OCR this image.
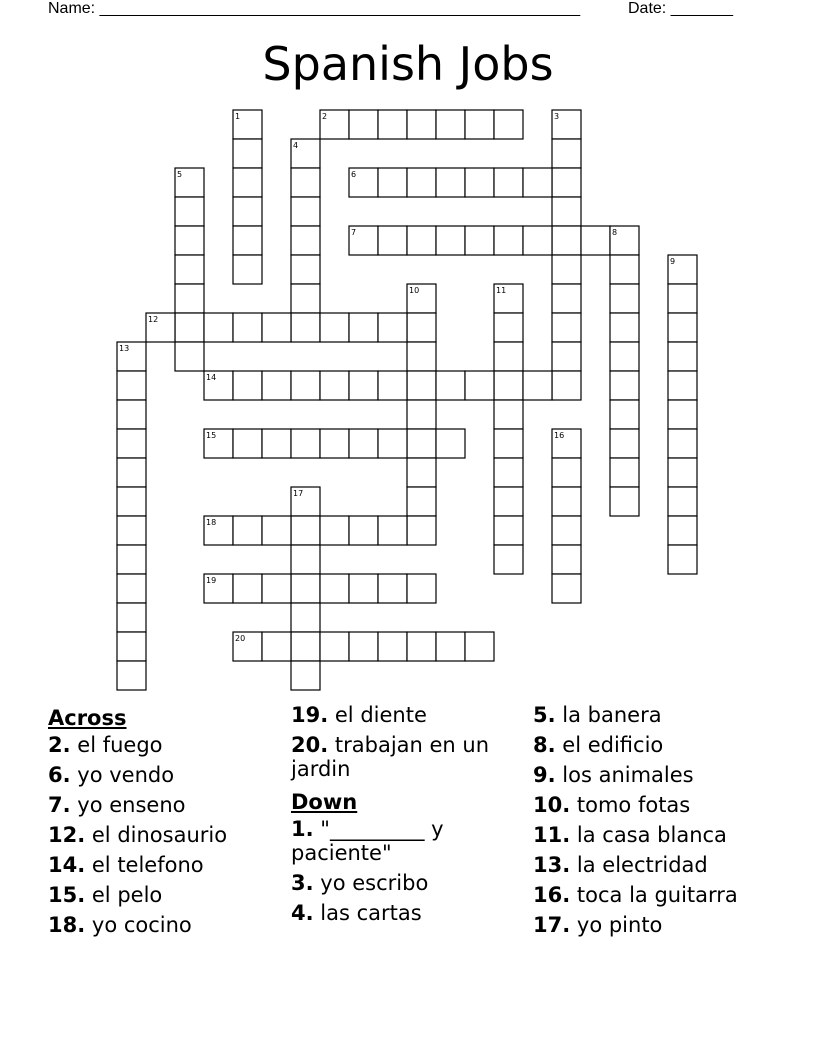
Name: ______________________________________________________	Date: _______
Spanish Jobs
1	2	3
4
5	6
7	8
9
10	11
12
13
14
15	16
17
18
19
20
Across
2. el fuego
6. yo vendo
7. yo enseno
12. el dinosaurio
14. el telefono
15. el pelo
18. yo cocino
19. el diente
20. trabajan en un jardin
Down
1. "_________ y paciente"
3. yo escribo
4. las cartas
5. la banera
8. el edificio
9. los animales
10. tomo fotas
11. la casa blanca
13. la electridad
16. toca la guitarra
17. yo pinto
